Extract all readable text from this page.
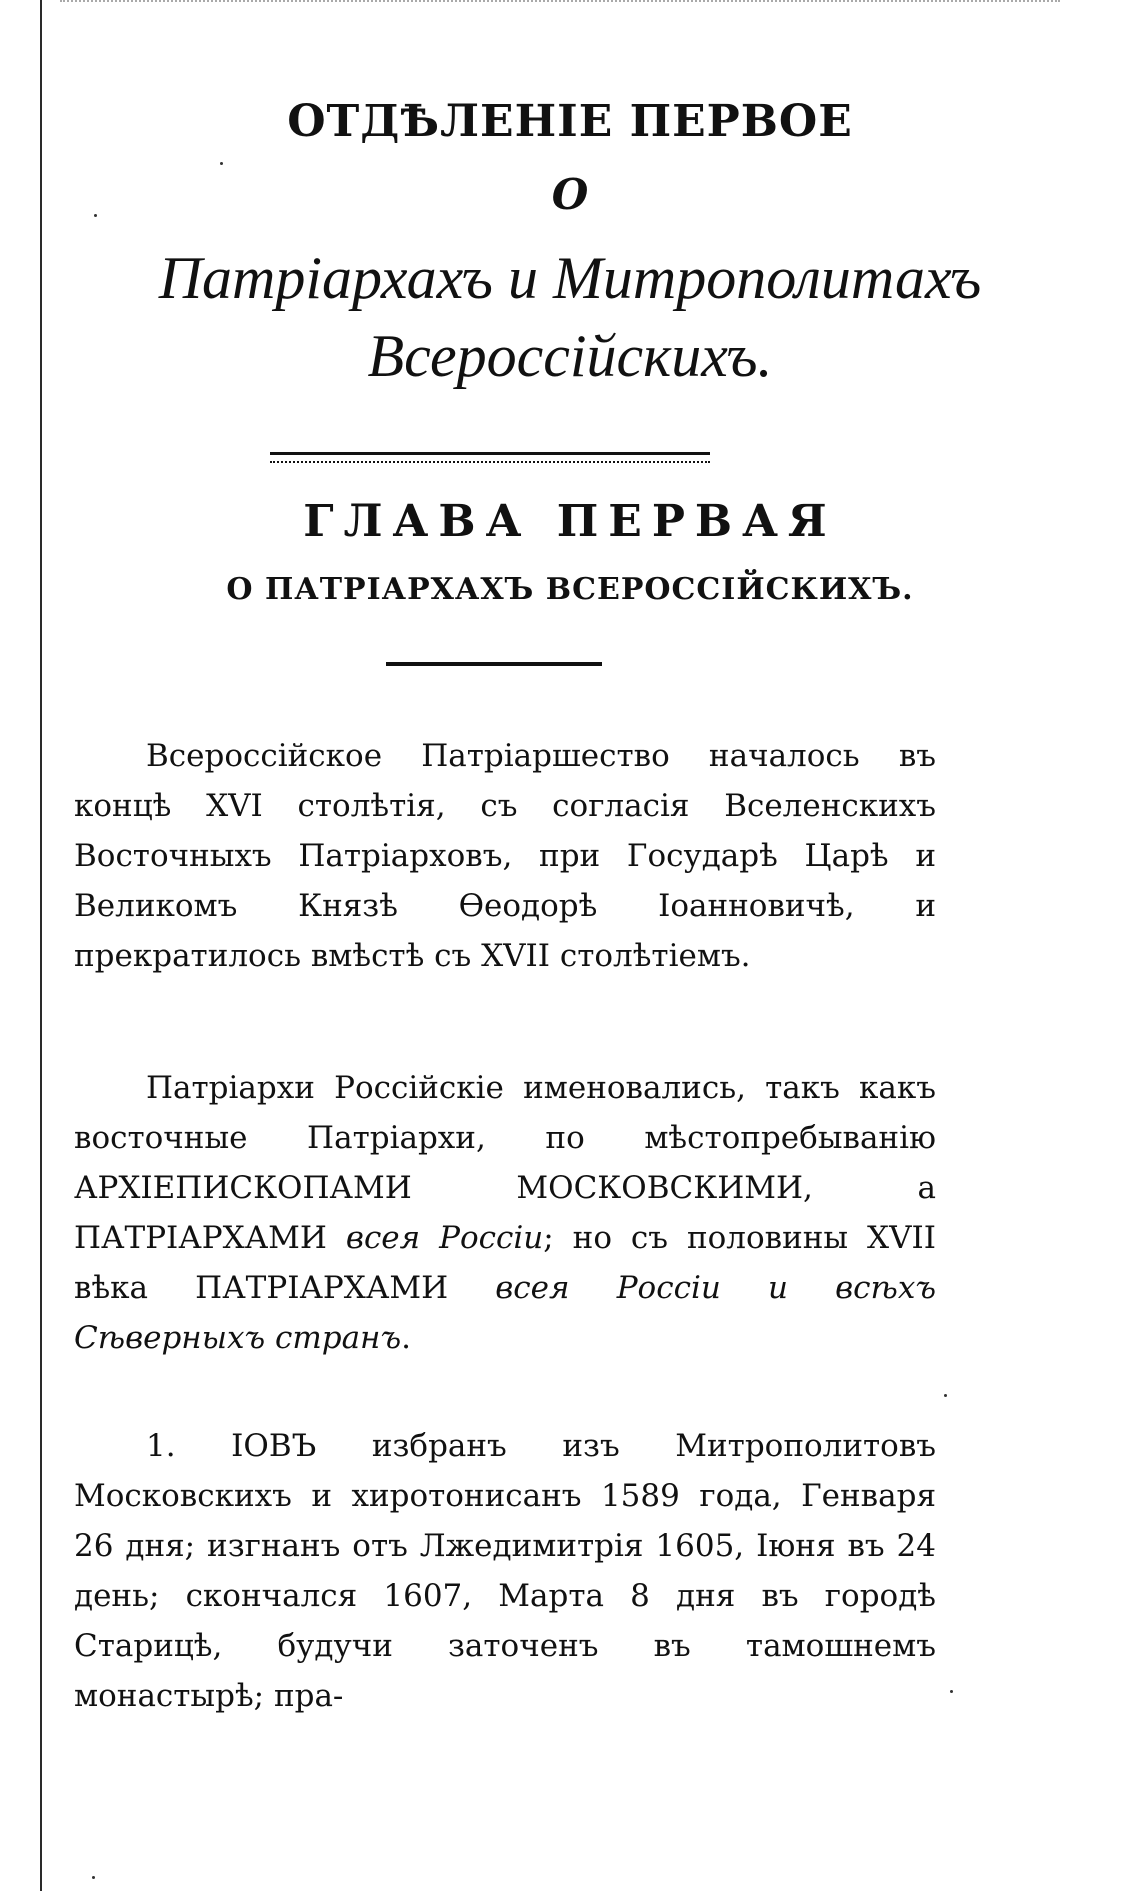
ОТДѢЛЕНІЕ ПЕРВОЕ
О
Патріархахъ и Митрополитахъ
Всероссійскихъ.
ГЛАВА ПЕРВАЯ
О ПАТРІАРХАХЪ ВСЕРОССІЙСКИХЪ.

Всероссійское Патріаршество началось въ концѣ XVI столѣтія, съ согласія Вселенскихъ Восточныхъ Патріарховъ, при Государѣ Царѣ и Великомъ Князѣ Ѳеодорѣ Іоанновичѣ, и прекратилось вмѣстѣ съ XVII столѣтіемъ.

Патріархи Россійскіе именовались, такъ какъ восточные Патріархи, по мѣстопребыванію АРХІЕПИСКОПАМИ МОСКОВСКИМИ, а ПАТРІАРХАМИ всея Россіи; но съ половины XVII вѣка ПАТРІАРХАМИ всея Россіи и всѣхъ Сѣверныхъ странъ.

1. ІОВЪ избранъ изъ Митрополитовъ Московскихъ и хиротонисанъ 1589 года, Генваря 26 дня; изгнанъ отъ Лжедимитрія 1605, Іюня въ 24 день; скончался 1607, Марта 8 дня въ городѣ Старицѣ, будучи заточенъ въ тамошнемъ монастырѣ; пра-
